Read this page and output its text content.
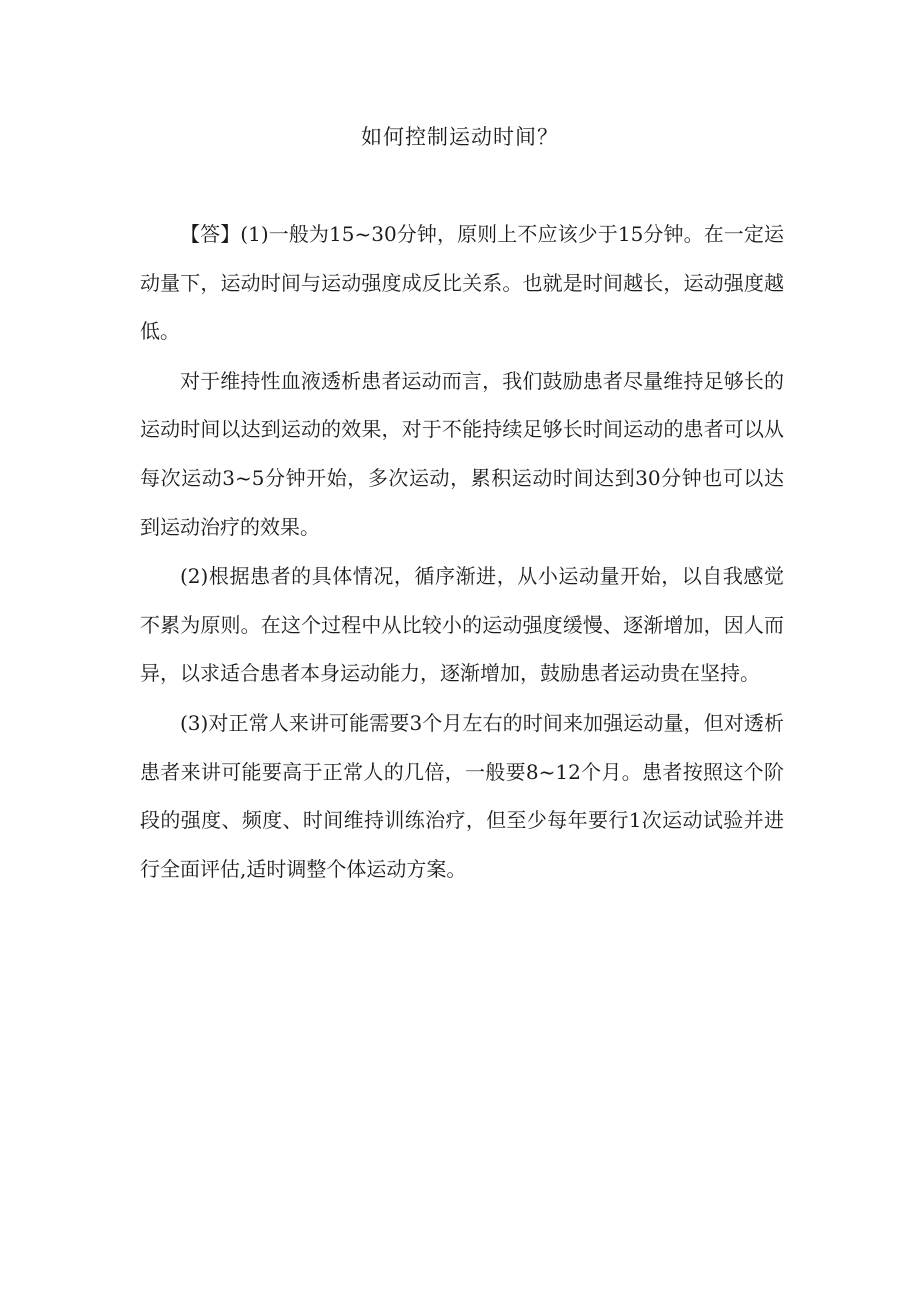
如何控制运动时间？

【答】(1)一般为15~30分钟，原则上不应该少于15分钟。在一定运动量下，运动时间与运动强度成反比关系。也就是时间越长，运动强度越低。

对于维持性血液透析患者运动而言，我们鼓励患者尽量维持足够长的运动时间以达到运动的效果，对于不能持续足够长时间运动的患者可以从每次运动3~5分钟开始，多次运动，累积运动时间达到30分钟也可以达到运动治疗的效果。

(2)根据患者的具体情况，循序渐进，从小运动量开始，以自我感觉不累为原则。在这个过程中从比较小的运动强度缓慢、逐渐增加，因人而异，以求适合患者本身运动能力，逐渐增加，鼓励患者运动贵在坚持。

(3)对正常人来讲可能需要3个月左右的时间来加强运动量，但对透析患者来讲可能要高于正常人的几倍，一般要8~12个月。患者按照这个阶段的强度、频度、时间维持训练治疗，但至少每年要行1次运动试验并进行全面评估,适时调整个体运动方案。
